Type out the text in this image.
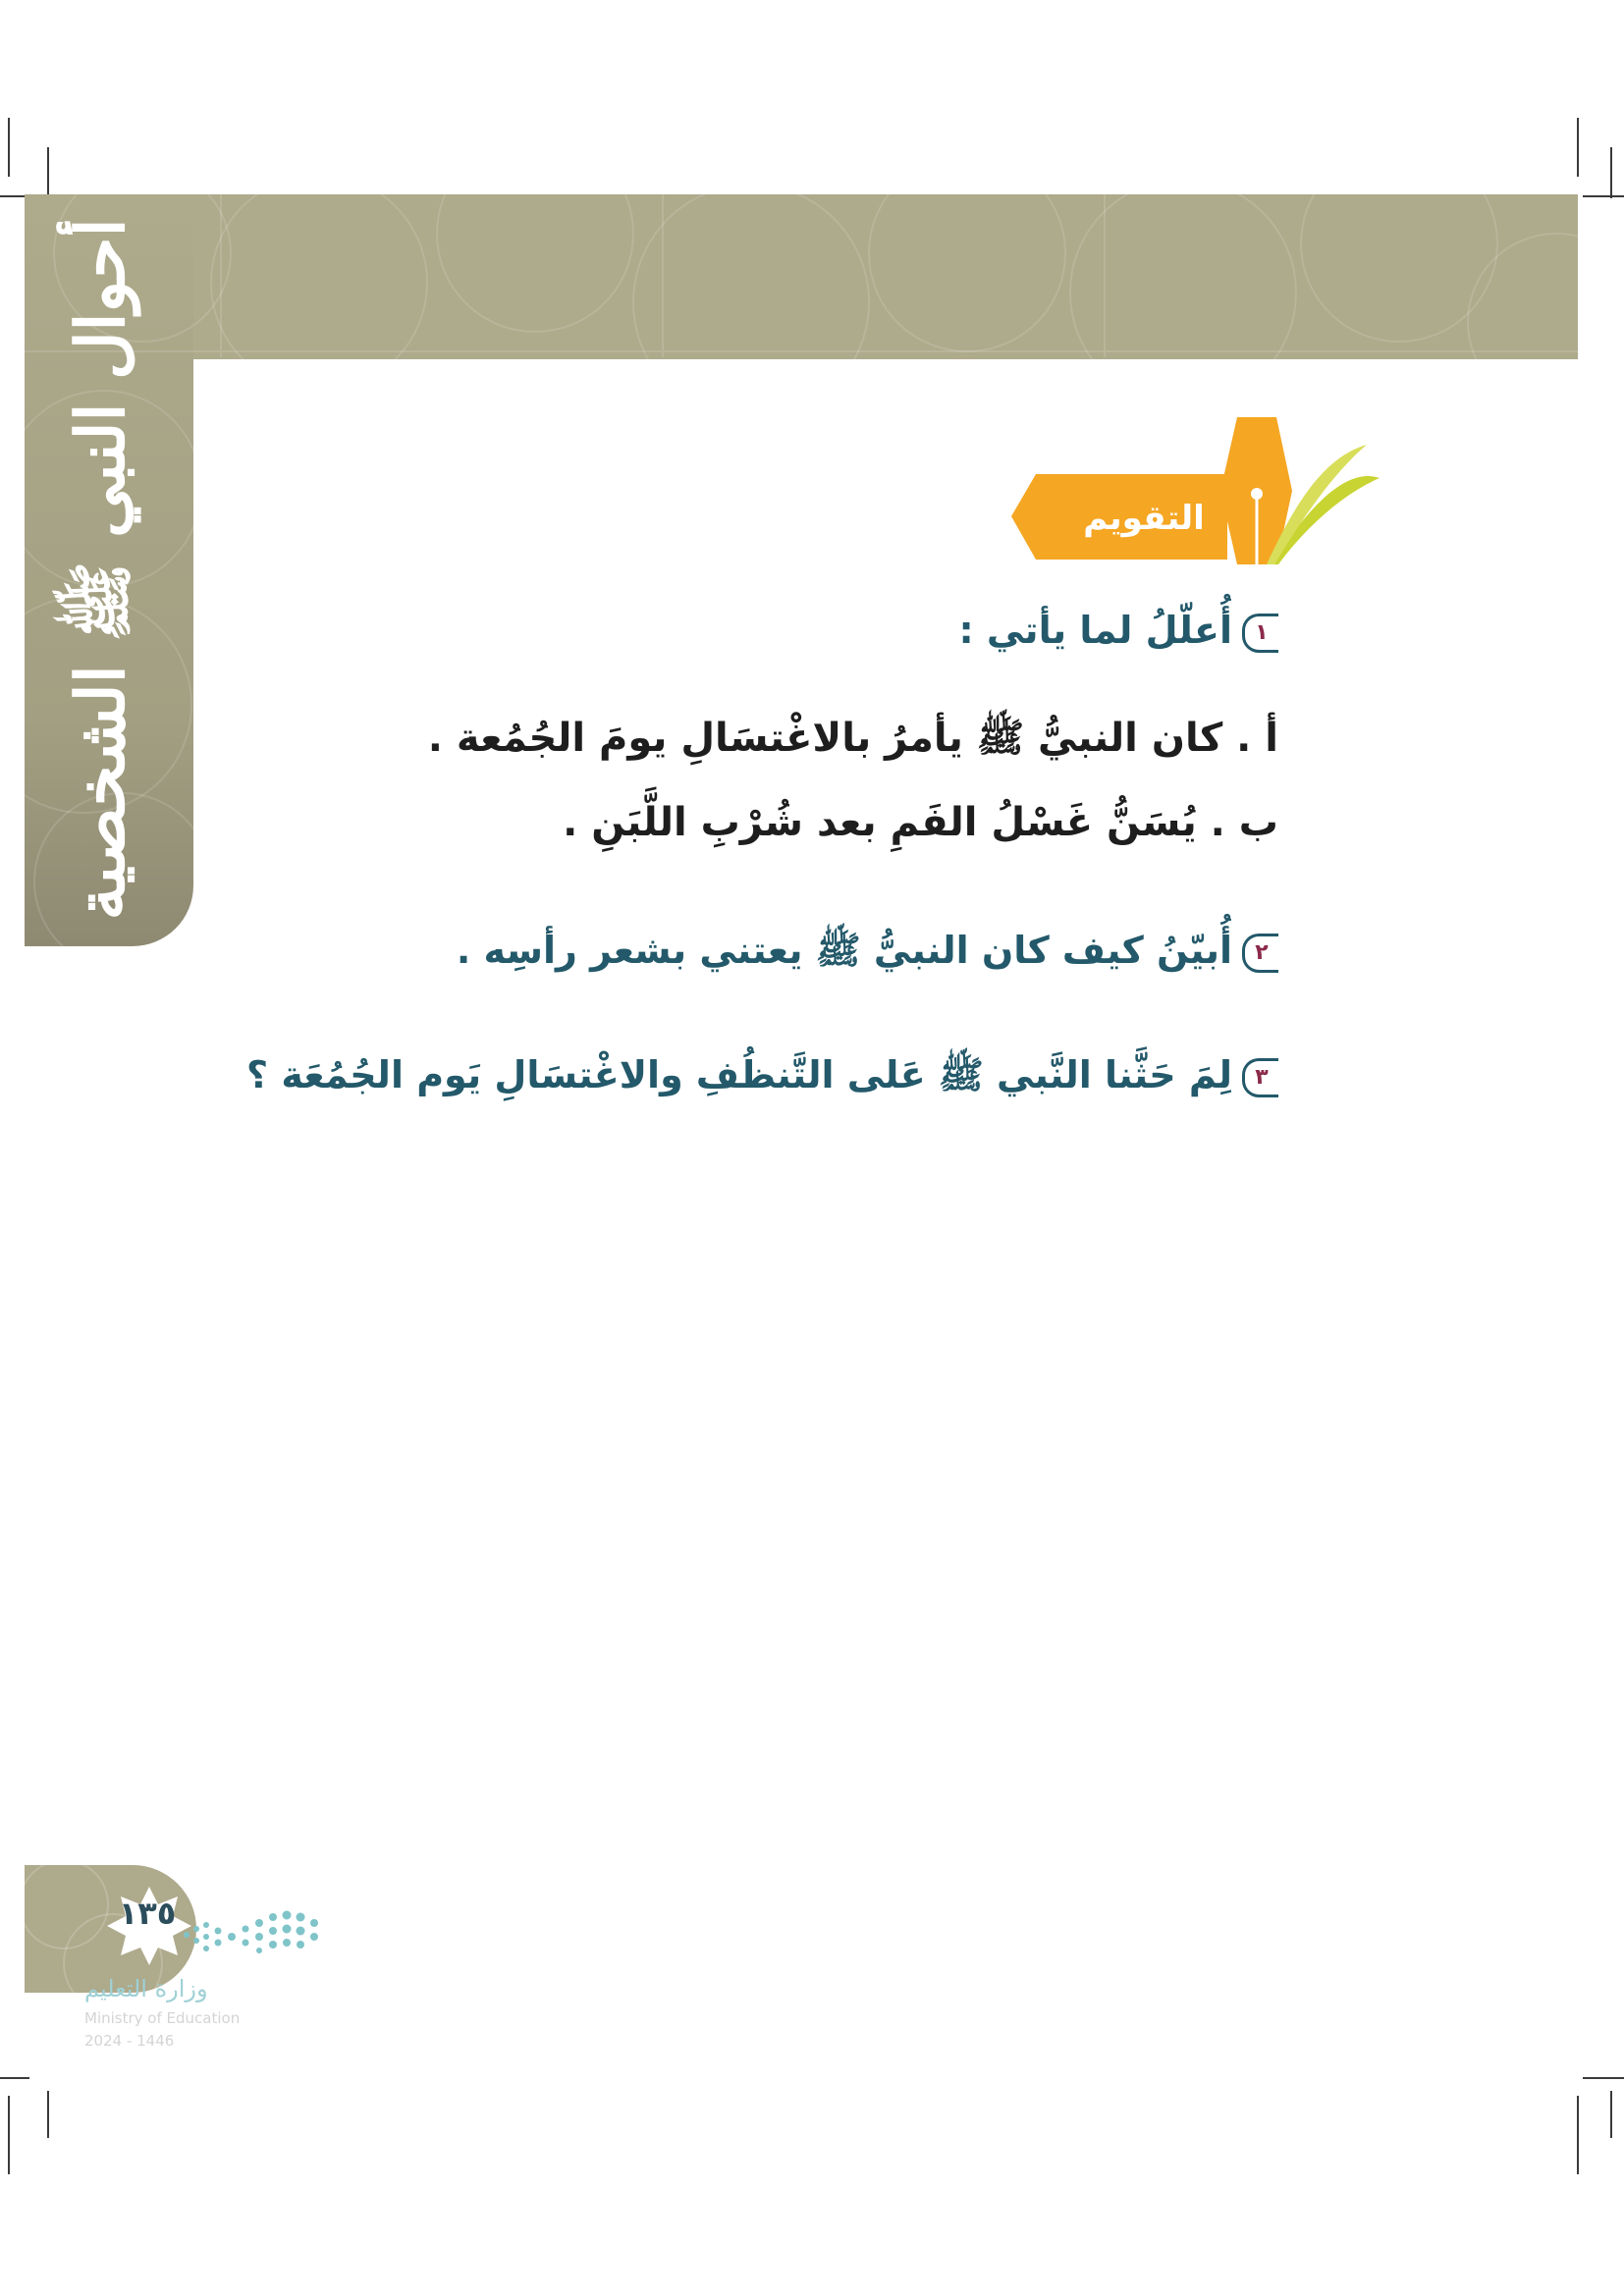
أحوال النبي ﷺ الشخصية	التقويم
١أُعلّلُ لما يأتي :
أ . كان النبيُّ ﷺ يأمرُ بالاغْتسَالِ يومَ الجُمُعة .
ب . يُسَنُّ غَسْلُ الفَمِ بعد شُرْبِ اللَّبَنِ .
٢أُبيّنُ كيف كان النبيُّ ﷺ يعتني بشعر رأسِه .
٣لِمَ حَثَّنا النَّبي ﷺ عَلى التَّنظُفِ والاغْتسَالِ يَوم الجُمُعَة ؟
١٣٥
وزارة التعليم
Ministry of Education
2024 - 1446
